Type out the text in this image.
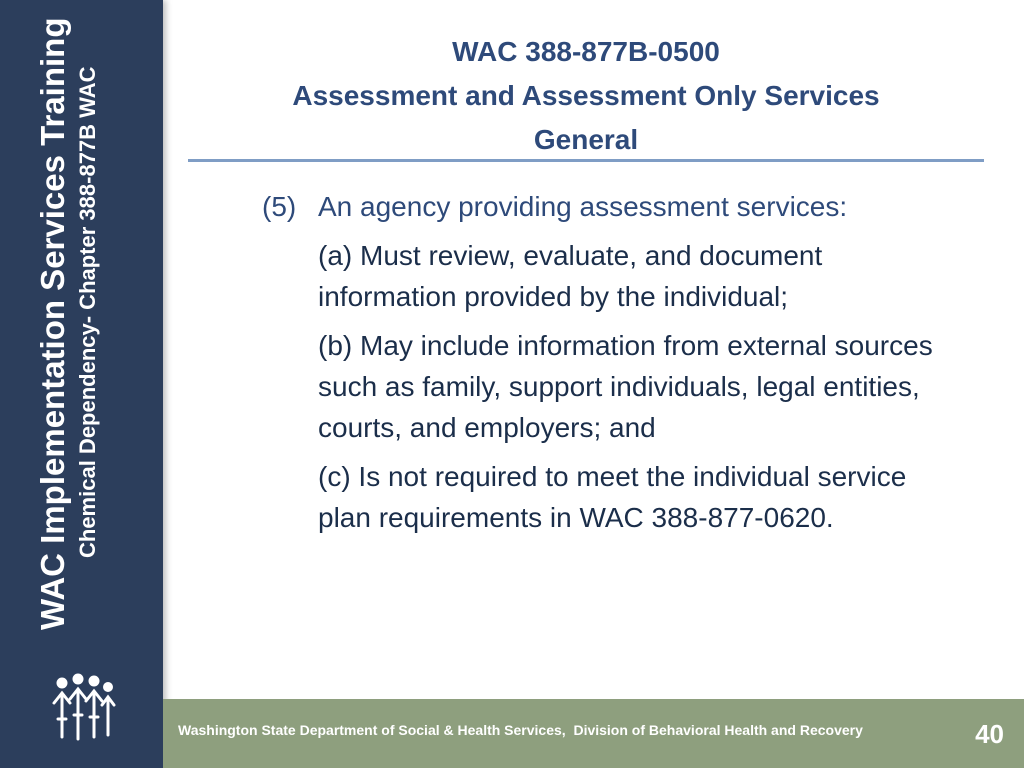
WAC Implementation Services Training Chemical Dependency- Chapter 388-877B WAC
WAC 388-877B-0500
Assessment and Assessment Only Services
General
(5) An agency providing assessment services:
(a) Must review, evaluate, and document information provided by the individual;
(b) May include information from external sources such as family, support individuals, legal entities, courts, and employers; and
(c) Is not required to meet the individual service plan requirements in WAC 388-877-0620.
Washington State Department of Social & Health Services,  Division of Behavioral Health and Recovery	40
